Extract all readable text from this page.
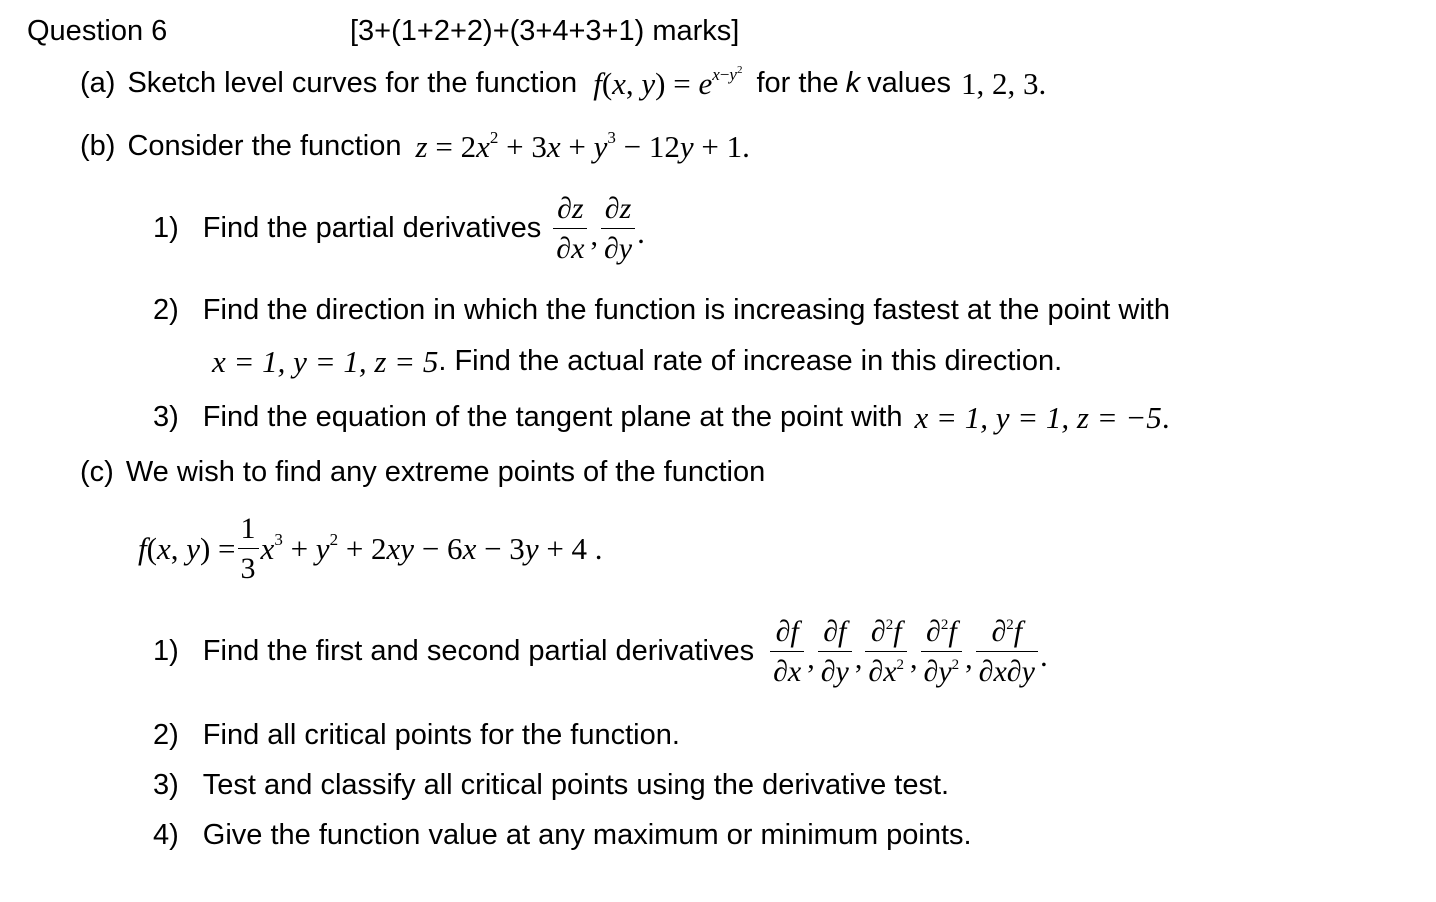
Question 6	[3+(1+2+2)+(3+4+3+1) marks]
(a) Sketch level curves for the function f(x, $y) = e^{x-y^2}$ for the k values 1, 2, 3 .
(b) Consider the function $z = 2x^2 + 3x + y^3 - 12y + 1$.
1) Find the partial derivatives $\frac{\partial z}{\partial x}$ , $\frac{\partial z}{\partial y}$ .
2) Find the direction in which the function is increasing fastest at the point with
x = 1, y = 1, z = 5 . Find the actual rate of increase in this direction.
3) Find the equation of the tangent plane at the point with x = 1, y = 1, z = −5 .
(c) We wish to find any extreme points of the function
f(x, $y) = \frac{1}{3} x^3 + y^2 + 2xy - 6x - 3y + 4$ .
1) Find the first and second partial derivatives $\frac{\partial f}{\partial x}$ , $\frac{\partial f}{\partial y}$ , $\frac{\partial^2f}{\partial x^2}$ , $\frac{\partial^2f}{\partial y^2}$ , $\frac{\partial^2f}{\partial x\partial y}$ .
2) Find all critical points for the function.
3) Test and classify all critical points using the derivative test.
4) Give the function value at any maximum or minimum points.
